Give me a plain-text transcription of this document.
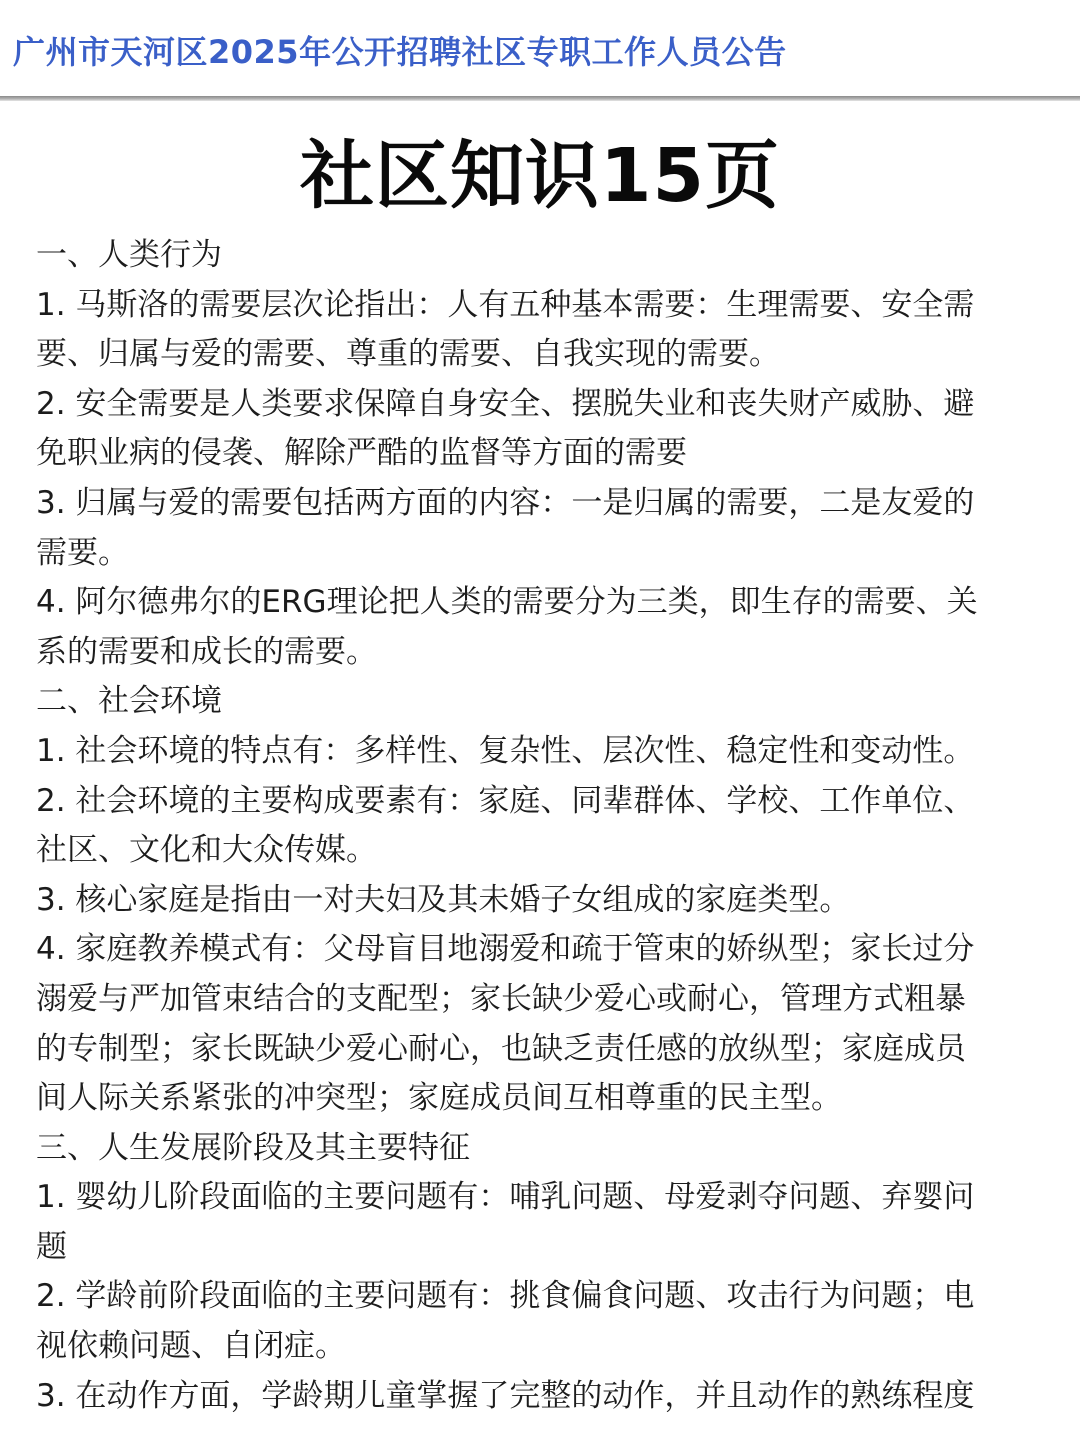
广州市天河区2025年公开招聘社区专职工作人员公告
社区知识15页
一、人类行为
1. 马斯洛的需要层次论指出：人有五种基本需要：生理需要、安全需
要、归属与爱的需要、尊重的需要、自我实现的需要。
2. 安全需要是人类要求保障自身安全、摆脱失业和丧失财产威胁、避
免职业病的侵袭、解除严酷的监督等方面的需要
3. 归属与爱的需要包括两方面的内容：一是归属的需要，二是友爱的
需要。
4. 阿尔德弗尔的ERG理论把人类的需要分为三类，即生存的需要、关
系的需要和成长的需要。
二、社会环境
1. 社会环境的特点有：多样性、复杂性、层次性、稳定性和变动性。
2. 社会环境的主要构成要素有：家庭、同辈群体、学校、工作单位、
社区、文化和大众传媒。
3. 核心家庭是指由一对夫妇及其未婚子女组成的家庭类型。
4. 家庭教养模式有：父母盲目地溺爱和疏于管束的娇纵型；家长过分
溺爱与严加管束结合的支配型；家长缺少爱心或耐心，管理方式粗暴
的专制型；家长既缺少爱心耐心，也缺乏责任感的放纵型；家庭成员
间人际关系紧张的冲突型；家庭成员间互相尊重的民主型。
三、人生发展阶段及其主要特征
1. 婴幼儿阶段面临的主要问题有：哺乳问题、母爱剥夺问题、弃婴问
题
2. 学龄前阶段面临的主要问题有：挑食偏食问题、攻击行为问题；电
视依赖问题、自闭症。
3. 在动作方面，学龄期儿童掌握了完整的动作，并且动作的熟练程度
